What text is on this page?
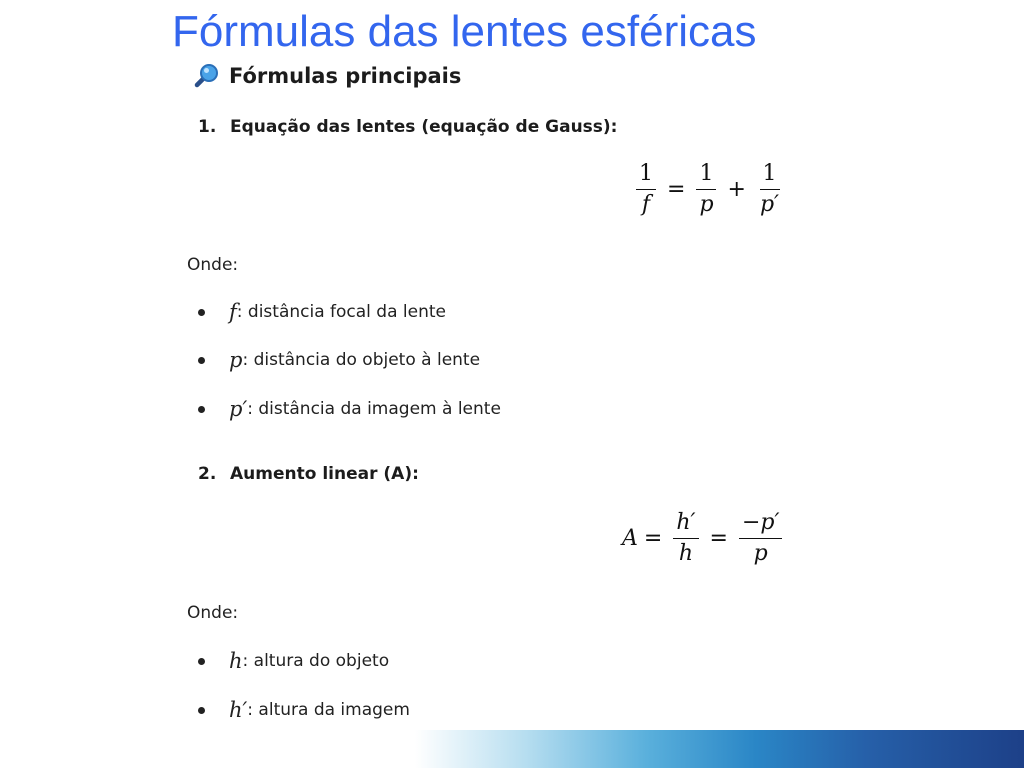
Fórmulas das lentes esféricas
Fórmulas principais
1. Equação das lentes (equação de Gauss):
$\frac{1}{f} = \frac{1}{p} + \frac{1}{p'}$
Onde:
f : distância focal da lente
p : distância do objeto à lente
p′ : distância da imagem à lente
2. Aumento linear (A):
$A = \frac{h'}{h} = \frac{-p'}{p}$
Onde:
h : altura do objeto
h′ : altura da imagem
